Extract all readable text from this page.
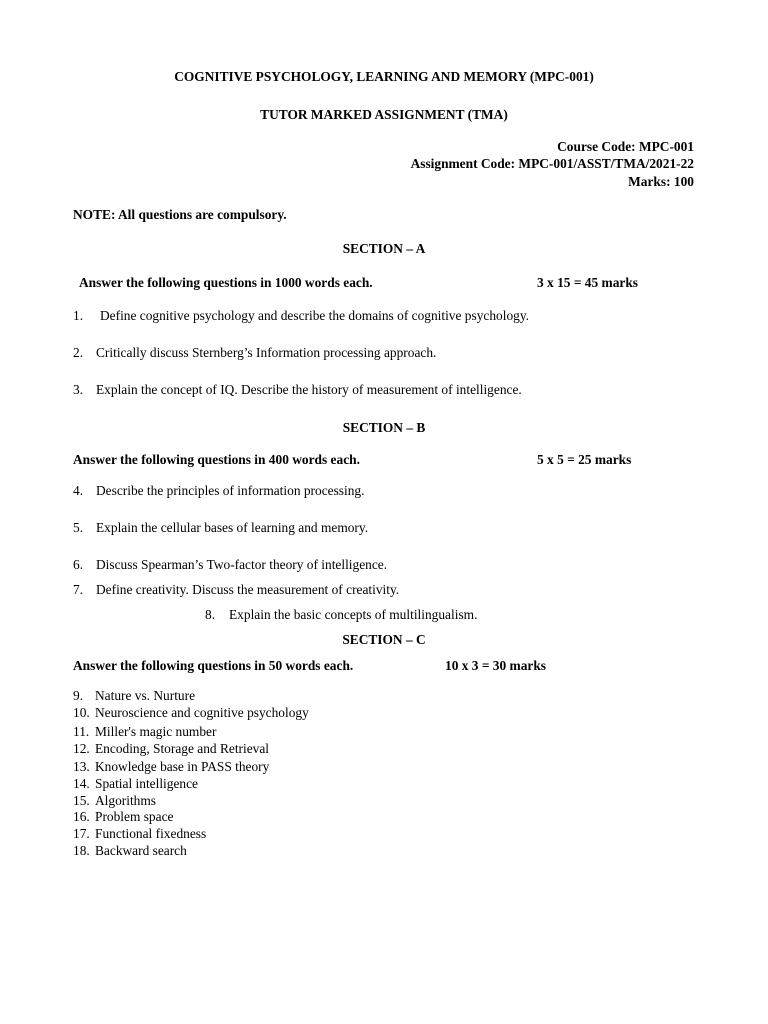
COGNITIVE PSYCHOLOGY, LEARNING AND MEMORY (MPC-001)
TUTOR MARKED ASSIGNMENT (TMA)
Course Code: MPC-001
Assignment Code: MPC-001/ASST/TMA/2021-22
Marks: 100
NOTE: All questions are compulsory.
SECTION – A
Answer the following questions in 1000 words each.	3 x 15 = 45 marks
1. Define cognitive psychology and describe the domains of cognitive psychology.
2. Critically discuss Sternberg’s Information processing approach.
3. Explain the concept of IQ. Describe the history of measurement of intelligence.
SECTION – B
Answer the following questions in 400 words each.	5 x 5 = 25 marks
4. Describe the principles of information processing.
5. Explain the cellular bases of learning and memory.
6. Discuss Spearman’s Two-factor theory of intelligence.
7. Define creativity. Discuss the measurement of creativity.
8. Explain the basic concepts of multilingualism.
SECTION – C
Answer the following questions in 50 words each.	10 x 3 = 30 marks
9. Nature vs. Nurture
10. Neuroscience and cognitive psychology
11. Miller's magic number
12. Encoding, Storage and Retrieval
13. Knowledge base in PASS theory
14. Spatial intelligence
15. Algorithms
16. Problem space
17. Functional fixedness
18. Backward search
